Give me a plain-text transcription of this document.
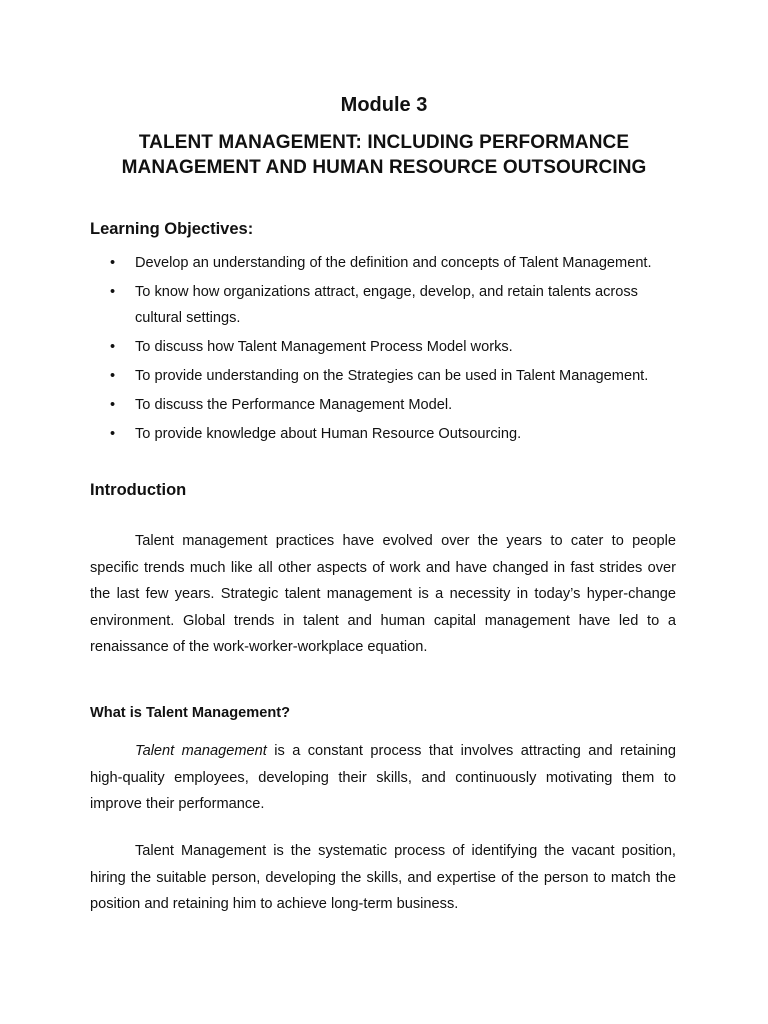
Module 3
TALENT MANAGEMENT: INCLUDING PERFORMANCE
MANAGEMENT AND HUMAN RESOURCE OUTSOURCING
Learning Objectives:
• Develop an understanding of the definition and concepts of Talent Management.
• To know how organizations attract, engage, develop, and retain talents across cultural settings.
• To discuss how Talent Management Process Model works.
• To provide understanding on the Strategies can be used in Talent Management.
• To discuss the Performance Management Model.
• To provide knowledge about Human Resource Outsourcing.
Introduction

Talent management practices have evolved over the years to cater to people specific trends much like all other aspects of work and have changed in fast strides over the last few years. Strategic talent management is a necessity in today’s hyper-change environment. Global trends in talent and human capital management have led to a renaissance of the work-worker-workplace equation.

What is Talent Management?

Talent management is a constant process that involves attracting and retaining high-quality employees, developing their skills, and continuously motivating them to improve their performance.

Talent Management is the systematic process of identifying the vacant position, hiring the suitable person, developing the skills, and expertise of the person to match the position and retaining him to achieve long-term business.
